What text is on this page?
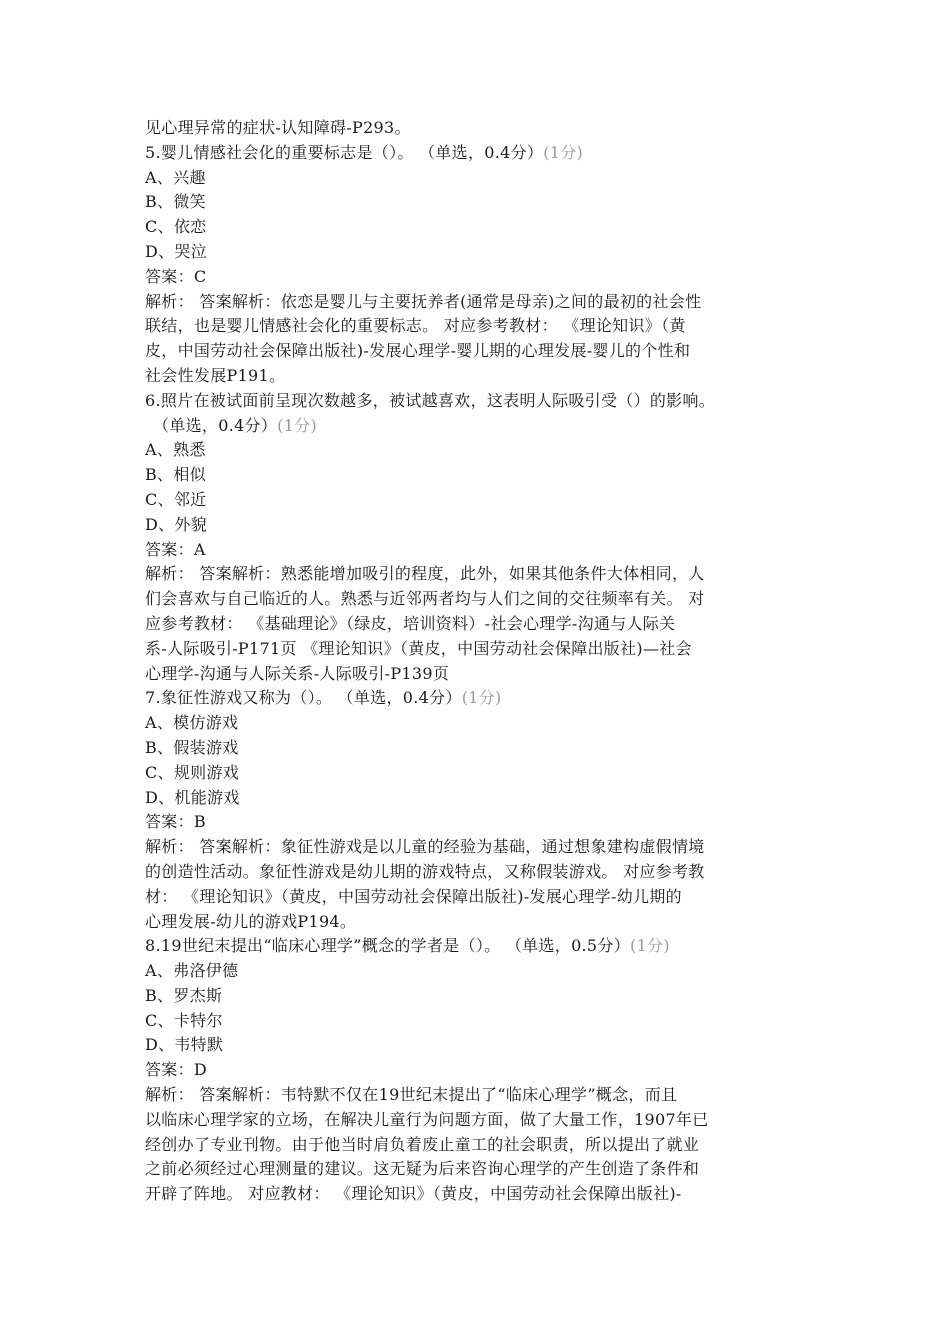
见心理异常的症状-认知障碍-P293。
5.婴儿情感社会化的重要标志是（）。 （单选，0.4分）(1分)
A、兴趣
B、微笑
C、依恋
D、哭泣
答案：C
解析： 答案解析：依恋是婴儿与主要抚养者(通常是母亲)之间的最初的社会性
联结，也是婴儿情感社会化的重要标志。 对应参考教材： 《理论知识》（黄
皮，中国劳动社会保障出版社)-发展心理学-婴儿期的心理发展-婴儿的个性和
社会性发展P191。
6.照片在被试面前呈现次数越多，被试越喜欢，这表明人际吸引受（）的影响。
（单选，0.4分）(1分)
A、熟悉
B、相似
C、邻近
D、外貌
答案：A
解析： 答案解析：熟悉能增加吸引的程度，此外，如果其他条件大体相同，人
们会喜欢与自己临近的人。熟悉与近邻两者均与人们之间的交往频率有关。 对
应参考教材： 《基础理论》（绿皮，培训资料）-社会心理学-沟通与人际关
系-人际吸引-P171页 《理论知识》（黄皮，中国劳动社会保障出版社)—社会
心理学-沟通与人际关系-人际吸引-P139页
7.象征性游戏又称为（）。 （单选，0.4分）(1分)
A、模仿游戏
B、假装游戏
C、规则游戏
D、机能游戏
答案：B
解析： 答案解析：象征性游戏是以儿童的经验为基础，通过想象建构虚假情境
的创造性活动。象征性游戏是幼儿期的游戏特点，又称假装游戏。 对应参考教
材： 《理论知识》（黄皮，中国劳动社会保障出版社)-发展心理学-幼儿期的
心理发展-幼儿的游戏P194。
8.19世纪末提出“临床心理学”概念的学者是（）。 （单选，0.5分）(1分)
A、弗洛伊德
B、罗杰斯
C、卡特尔
D、韦特默
答案：D
解析： 答案解析：韦特默不仅在19世纪末提出了“临床心理学”概念，而且
以临床心理学家的立场，在解决儿童行为问题方面，做了大量工作，1907年已
经创办了专业刊物。由于他当时肩负着废止童工的社会职责，所以提出了就业
之前必须经过心理测量的建议。这无疑为后来咨询心理学的产生创造了条件和
开辟了阵地。 对应教材： 《理论知识》（黄皮，中国劳动社会保障出版社)-
